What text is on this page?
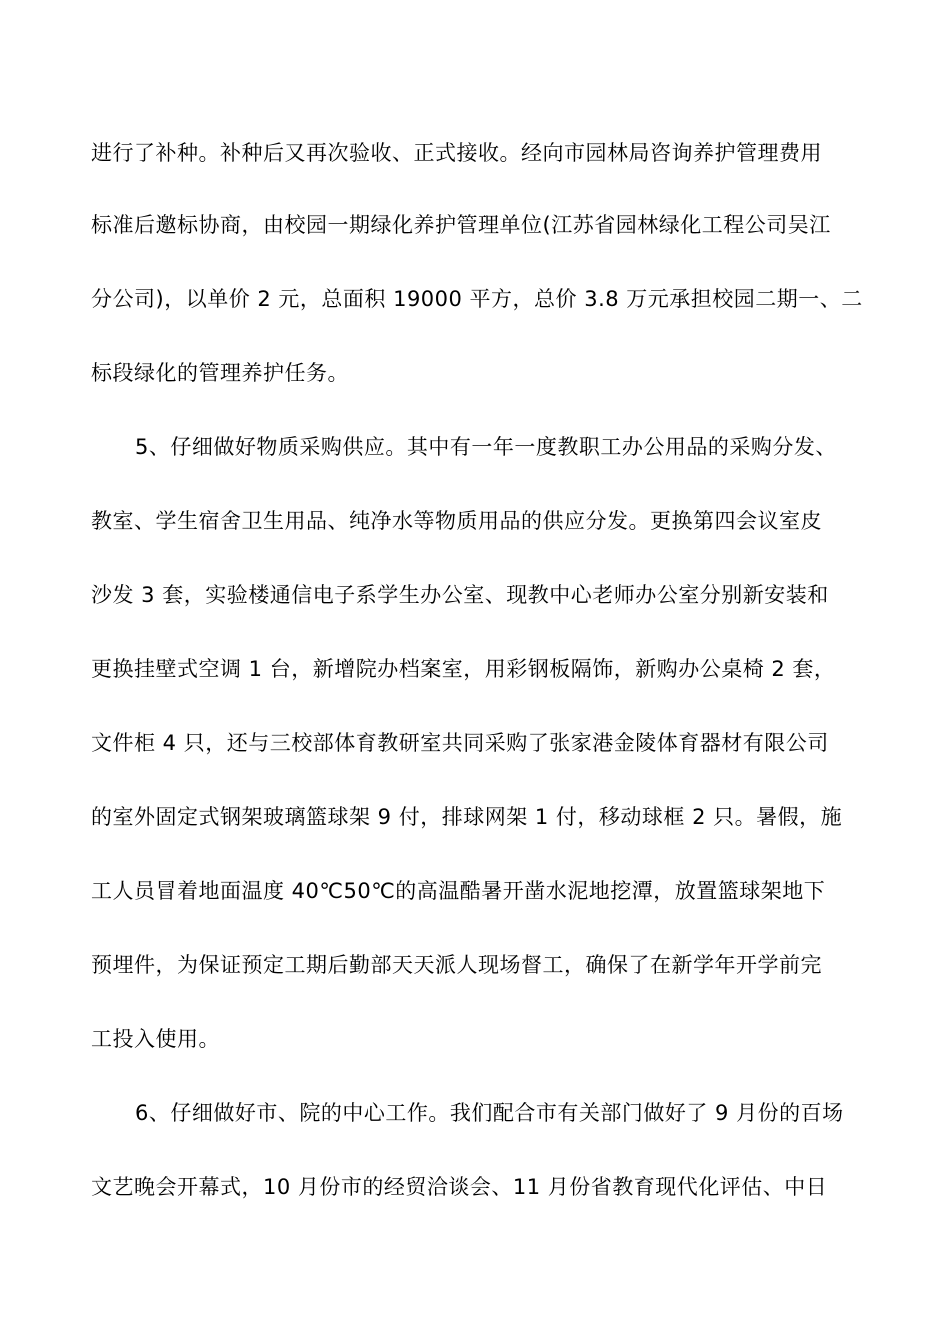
进行了补种。补种后又再次验收、正式接收。经向市园林局咨询养护管理费用
标准后邀标协商，由校园一期绿化养护管理单位(江苏省园林绿化工程公司吴江
分公司)，以单价 2 元，总面积 19000 平方，总价 3.8 万元承担校园二期一、二
标段绿化的管理养护任务。
5、仔细做好物质采购供应。其中有一年一度教职工办公用品的采购分发、
教室、学生宿舍卫生用品、纯净水等物质用品的供应分发。更换第四会议室皮
沙发 3 套，实验楼通信电子系学生办公室、现教中心老师办公室分别新安装和
更换挂壁式空调 1 台，新增院办档案室，用彩钢板隔饰，新购办公桌椅 2 套，
文件柜 4 只，还与三校部体育教研室共同采购了张家港金陵体育器材有限公司
的室外固定式钢架玻璃篮球架 9 付，排球网架 1 付，移动球框 2 只。暑假，施
工人员冒着地面温度 40℃50℃的高温酷暑开凿水泥地挖潭，放置篮球架地下
预埋件，为保证预定工期后勤部天天派人现场督工，确保了在新学年开学前完
工投入使用。
6、仔细做好市、院的中心工作。我们配合市有关部门做好了 9 月份的百场
文艺晚会开幕式，10 月份市的经贸洽谈会、11 月份省教育现代化评估、中日
